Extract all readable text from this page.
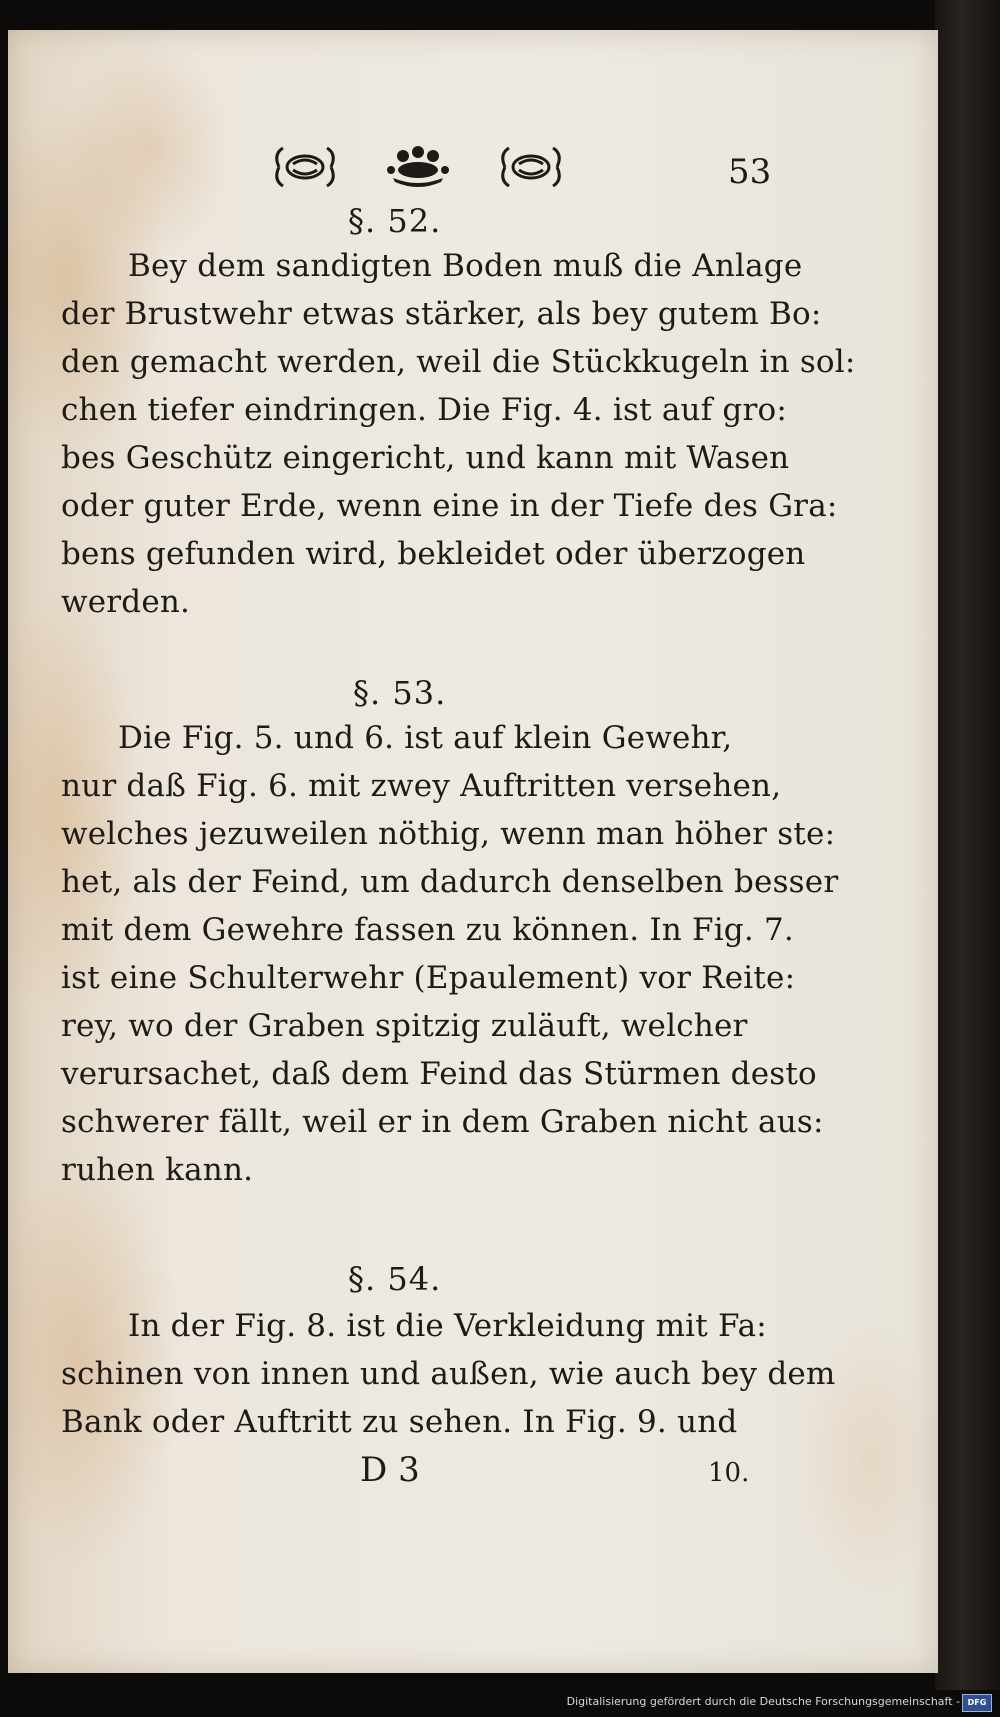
53
§. 52.
Bey dem sandigten Boden muß die Anlage
der Brustwehr etwas stärker, als bey gutem Bo:
den gemacht werden, weil die Stückkugeln in sol:
chen tiefer eindringen. Die Fig. 4. ist auf gro:
bes Geschütz eingericht, und kann mit Wasen
oder guter Erde, wenn eine in der Tiefe des Gra:
bens gefunden wird, bekleidet oder überzogen
werden.
§. 53.
Die Fig. 5. und 6. ist auf klein Gewehr,
nur daß Fig. 6. mit zwey Auftritten versehen,
welches jezuweilen nöthig, wenn man höher ste:
het, als der Feind, um dadurch denselben besser
mit dem Gewehre fassen zu können. In Fig. 7.
ist eine Schulterwehr (Epaulement) vor Reite:
rey, wo der Graben spitzig zuläuft, welcher
verursachet, daß dem Feind das Stürmen desto
schwerer fällt, weil er in dem Graben nicht aus:
ruhen kann.
§. 54.
In der Fig. 8. ist die Verkleidung mit Fa:
schinen von innen und außen, wie auch bey dem
Bank oder Auftritt zu sehen. In Fig. 9. und
D 3	10.
Digitalisierung gefördert durch die Deutsche Forschungsgemeinschaft - DFG
